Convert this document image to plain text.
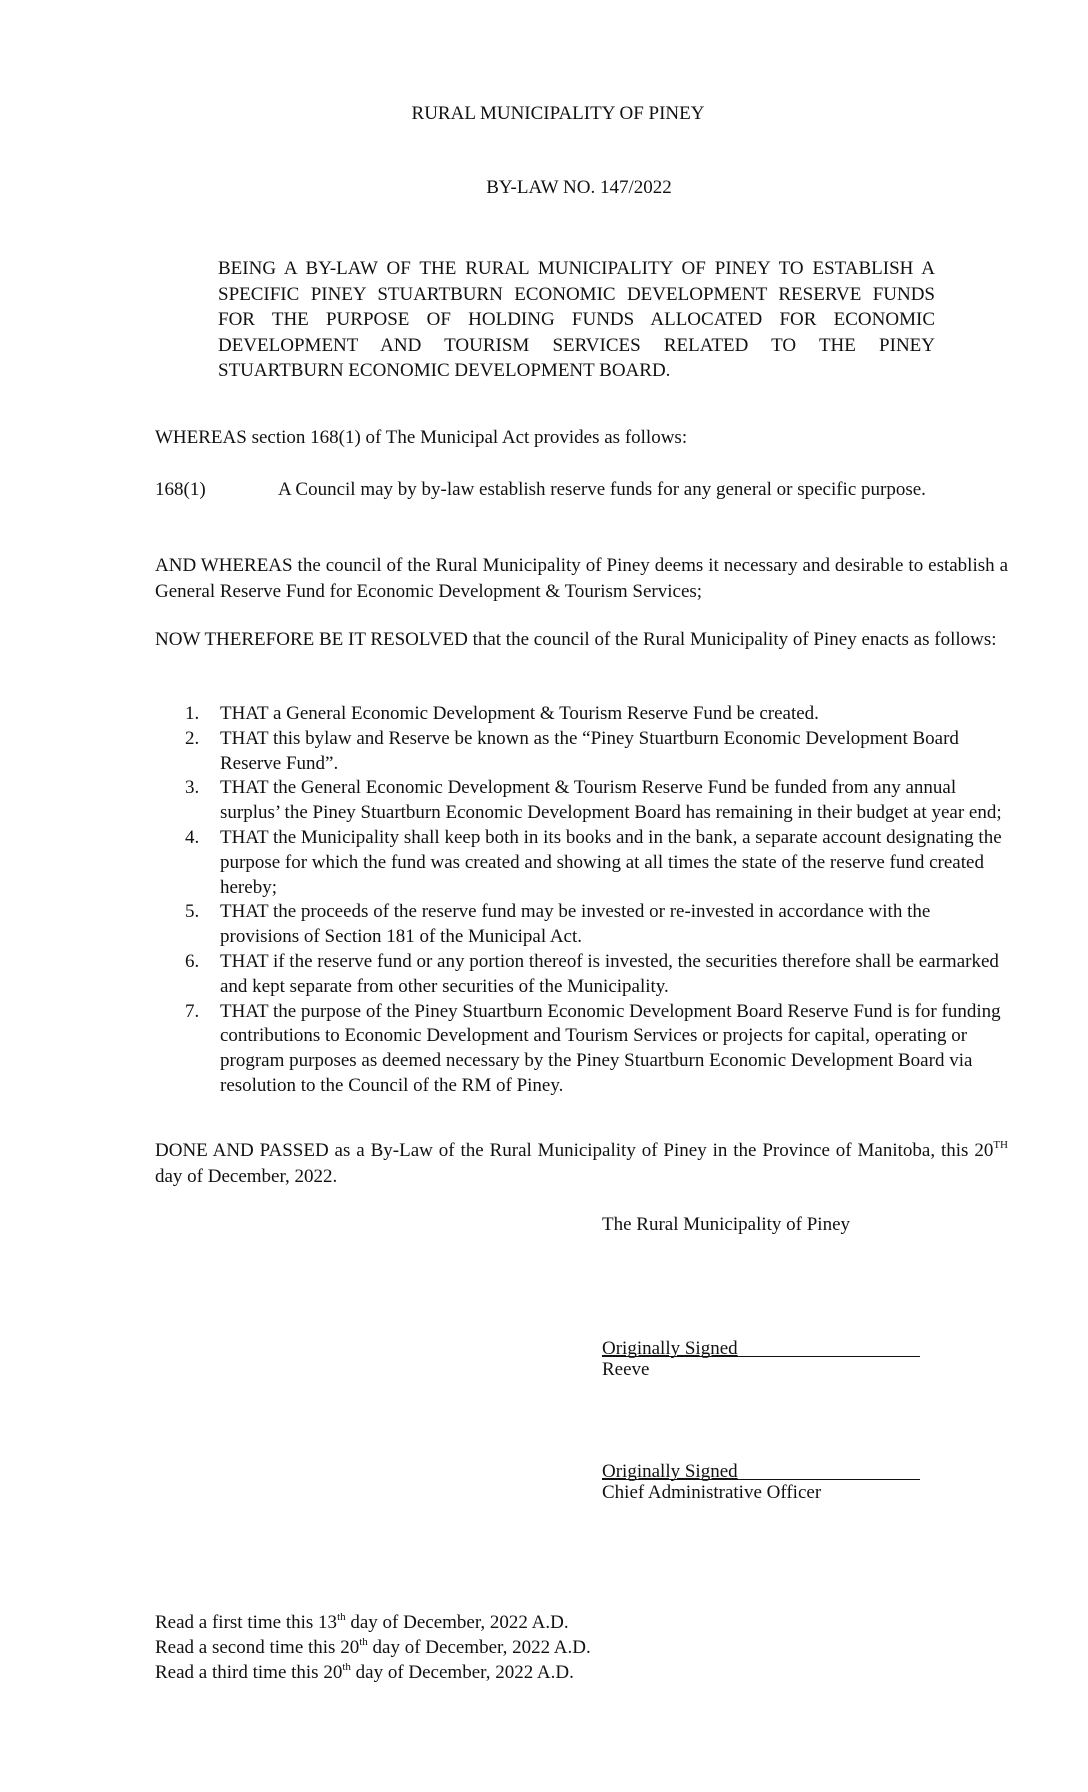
RURAL MUNICIPALITY OF PINEY
BY-LAW NO. 147/2022
BEING A BY-LAW OF THE RURAL MUNICIPALITY OF PINEY TO ESTABLISH A SPECIFIC PINEY STUARTBURN ECONOMIC DEVELOPMENT RESERVE FUNDS FOR THE PURPOSE OF HOLDING FUNDS ALLOCATED FOR ECONOMIC DEVELOPMENT AND TOURISM SERVICES RELATED TO THE PINEY STUARTBURN ECONOMIC DEVELOPMENT BOARD.
WHEREAS section 168(1) of The Municipal Act provides as follows:
168(1)	A Council may by by-law establish reserve funds for any general or specific purpose.
AND WHEREAS the council of the Rural Municipality of Piney deems it necessary and desirable to establish a General Reserve Fund for Economic Development & Tourism Services;
NOW THEREFORE BE IT RESOLVED that the council of the Rural Municipality of Piney enacts as follows:
1. THAT a General Economic Development & Tourism Reserve Fund be created.
2. THAT this bylaw and Reserve be known as the “Piney Stuartburn Economic Development Board Reserve Fund”.
3. THAT the General Economic Development & Tourism Reserve Fund be funded from any annual surplus’ the Piney Stuartburn Economic Development Board has remaining in their budget at year end;
4. THAT the Municipality shall keep both in its books and in the bank, a separate account designating the purpose for which the fund was created and showing at all times the state of the reserve fund created hereby;
5. THAT the proceeds of the reserve fund may be invested or re-invested in accordance with the provisions of Section 181 of the Municipal Act.
6. THAT if the reserve fund or any portion thereof is invested, the securities therefore shall be earmarked and kept separate from other securities of the Municipality.
7. THAT the purpose of the Piney Stuartburn Economic Development Board Reserve Fund is for funding contributions to Economic Development and Tourism Services or projects for capital, operating or program purposes as deemed necessary by the Piney Stuartburn Economic Development Board via resolution to the Council of the RM of Piney.
DONE AND PASSED as a By-Law of the Rural Municipality of Piney in the Province of Manitoba, this 20TH day of December, 2022.
The Rural Municipality of Piney
Originally Signed
Reeve
Originally Signed
Chief Administrative Officer
Read a first time this 13th day of December, 2022 A.D.
Read a second time this 20th day of December, 2022 A.D.
Read a third time this 20th day of December, 2022 A.D.
